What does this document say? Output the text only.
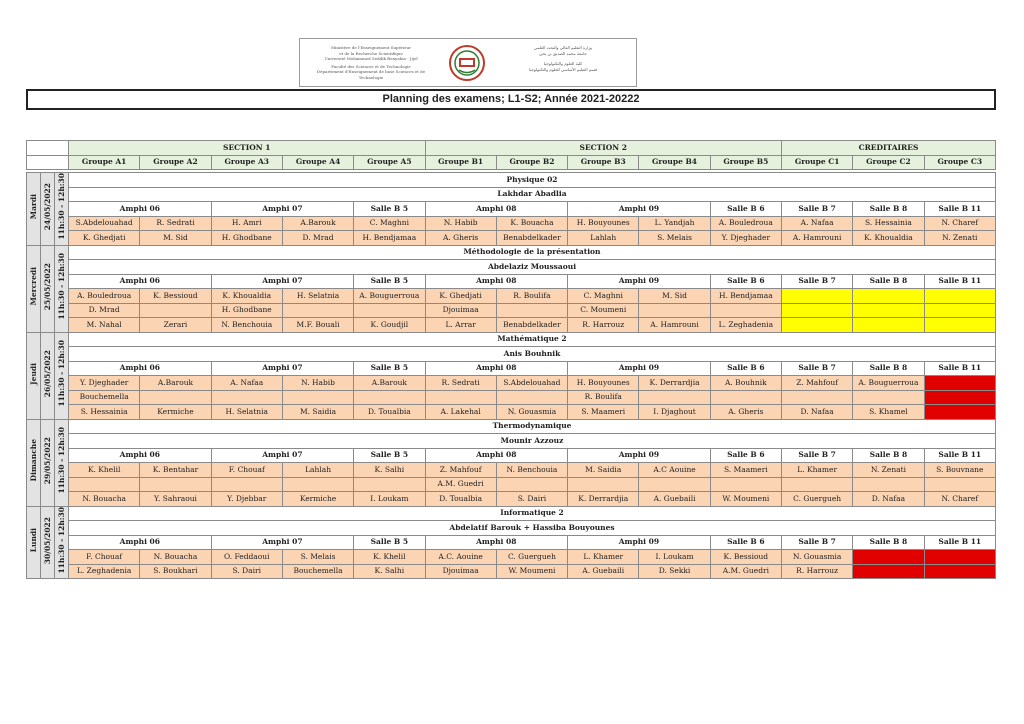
Ministère de l'Enseignement Supérieur
et de la Recherche Scientifique
Université Mohammed Seddik Benyahia - Jijel
Faculté des Sciences et de Technologie
Département d'Enseignement de base Sciences et de Technologie
وزارة التعليم العالي والبحث العلمي
جامعة محمد الصديق بن يحي
كلية العلوم والتكنولوجيا
قسم التعليم الأساسي للعلوم والتكنولوجيا
Planning des examens; L1-S2; Année 2021-20222
			SECTION 1					SECTION 2					CREDITAIRES		
			Groupe A1	Groupe A2	Groupe A3	Groupe A4	Groupe A5	Groupe B1	Groupe B2	Groupe B3	Groupe B4	Groupe B5	Groupe C1	Groupe C2	Groupe C3

Mardi	24/05/2022	11h:30 - 12h:30	Physique 02												
			Lakhdar Abadlia												
			Amphi 06		Amphi 07		Salle B 5	Amphi 08		Amphi 09		Salle B 6	Salle B 7	Salle B 8	Salle B 11
			S.Abdelouahad	R. Sedrati	H. Amri	A.Barouk	C. Maghni	N. Habib	K. Bouacha	H. Bouyounes	L. Yandjah	A. Bouledroua	A. Nafaa	S. Hessainia	N. Charef
			K. Ghedjati	M. Sid	H. Ghodbane	D. Mrad	H. Bendjamaa	A. Gheris	Benabdelkader	Lahlah	S. Melais	Y. Djeghader	A. Hamrouni	K. Khoualdia	N. Zenati
Mercredi	25/05/2022	11h:30 - 12h:30	Méthodologie de la présentation												
			Abdelaziz Moussaoui												
			Amphi 06		Amphi 07		Salle B 5	Amphi 08		Amphi 09		Salle B 6	Salle B 7	Salle B 8	Salle B 11
			A. Bouledroua	K. Bessioud	K. Khoualdia	H. Selatnia	A. Bouguerroua	K. Ghedjati	R. Boulifa	C. Maghni	M. Sid	H. Bendjamaa			
			D. Mrad		H. Ghodbane			Djouimaa		C. Moumeni					
			M. Nahal	Zerari	N. Benchouia	M.F. Bouali	K. Goudjil	L. Arrar	Benabdelkader	R. Harrouz	A. Hamrouni	L. Zeghadenia			
Jeudi	26/05/2022	11h:30 - 12h:30	Mathématique 2												
			Anis Bouhnik												
			Amphi 06		Amphi 07		Salle B 5	Amphi 08		Amphi 09		Salle B 6	Salle B 7	Salle B 8	Salle B 11
			Y. Djeghader	A.Barouk	A. Nafaa	N. Habib	A.Barouk	R. Sedrati	S.Abdelouahad	H. Bouyounes	K. Derrardjia	A. Bouhnik	Z. Mahfouf	A. Bouguerroua	
			Bouchemella							R. Boulifa					
			S. Hessainia	Kermiche	H. Selatnia	M. Saidia	D. Toualbia	A. Lakehal	N. Gouasmia	S. Maameri	I. Djaghout	A. Gheris	D. Nafaa	S. Khamel	
Dimanche	29/05/2022	11h:30 - 12h:30	Thermodynamique												
			Mounir Azzouz												
			Amphi 06		Amphi 07		Salle B 5	Amphi 08		Amphi 09		Salle B 6	Salle B 7	Salle B 8	Salle B 11
			K. Khelil	K. Bentahar	F. Chouaf	Lahlah	K. Salhi	Z. Mahfouf	N. Benchouia	M. Saidia	A.C Aouine	S. Maameri	L. Khamer	N. Zenati	S. Bouvnane
								A.M. Guedri							
			N. Bouacha	Y. Sahraoui	Y. Djebbar	Kermiche	I. Loukam	D. Toualbia	S. Dairi	K. Derrardjia	A. Guebaili	W. Moumeni	C. Guergueh	D. Nafaa	N. Charef
Lundi	30/05/2022	11h:30 - 12h:30	Informatique 2												
			Abdelatif Barouk + Hassiba Bouyounes												
			Amphi 06		Amphi 07		Salle B 5	Amphi 08		Amphi 09		Salle B 6	Salle B 7	Salle B 8	Salle B 11
			F. Chouaf	N. Bouacha	O. Feddaoui	S. Melais	K. Khelil	A.C. Aouine	C. Guergueh	L. Khamer	I. Loukam	K. Bessioud	N. Gouasmia		
			L. Zeghadenia	S. Boukhari	S. Dairi	Bouchemella	K. Salhi	Djouimaa	W. Moumeni	A. Guebaili	D. Sekki	A.M. Guedri	R. Harrouz		
